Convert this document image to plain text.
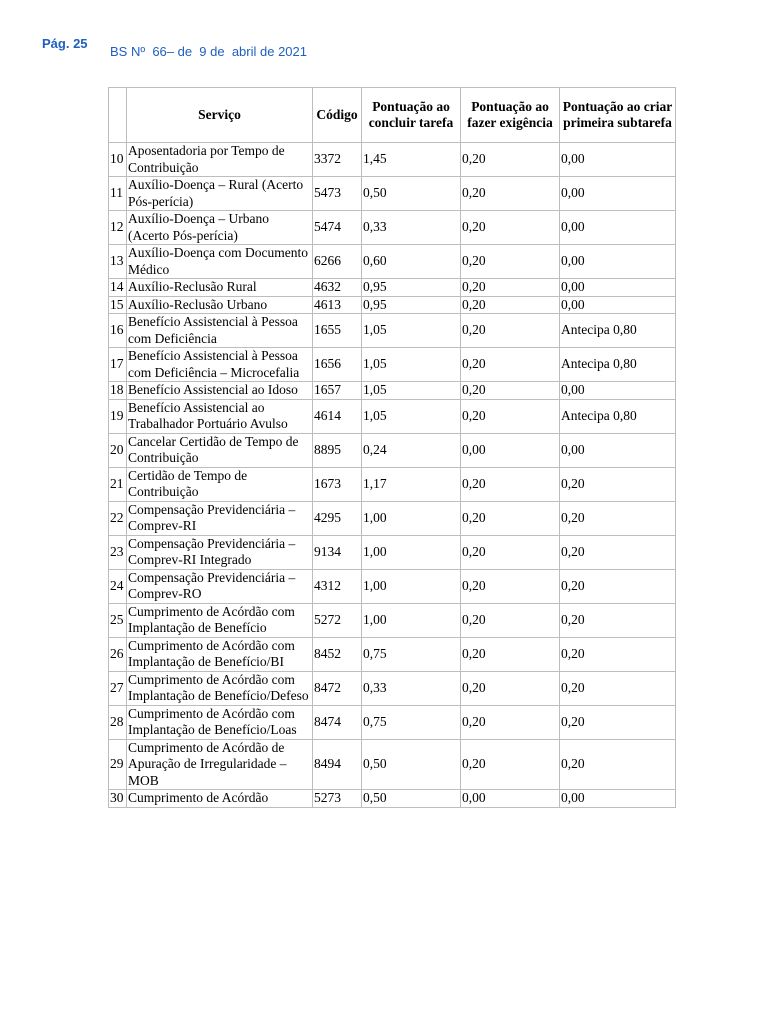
Pág. 25
BS Nº  66– de  9 de  abril de 2021
	Serviço	Código	Pontuação ao concluir tarefa	Pontuação ao fazer exigência	Pontuação ao criar primeira subtarefa
10	Aposentadoria por Tempo de Contribuição	3372	1,45	0,20	0,00
11	Auxílio-Doença – Rural (Acerto Pós-perícia)	5473	0,50	0,20	0,00
12	Auxílio-Doença – Urbano (Acerto Pós-perícia)	5474	0,33	0,20	0,00
13	Auxílio-Doença com Documento Médico	6266	0,60	0,20	0,00
14	Auxílio-Reclusão Rural	4632	0,95	0,20	0,00
15	Auxílio-Reclusão Urbano	4613	0,95	0,20	0,00
16	Benefício Assistencial à Pessoa com Deficiência	1655	1,05	0,20	Antecipa 0,80
17	Benefício Assistencial à Pessoa com Deficiência – Microcefalia	1656	1,05	0,20	Antecipa 0,80
18	Benefício Assistencial ao Idoso	1657	1,05	0,20	0,00
19	Benefício Assistencial ao Trabalhador Portuário Avulso	4614	1,05	0,20	Antecipa 0,80
20	Cancelar Certidão de Tempo de Contribuição	8895	0,24	0,00	0,00
21	Certidão de Tempo de Contribuição	1673	1,17	0,20	0,20
22	Compensação Previdenciária – Comprev-RI	4295	1,00	0,20	0,20
23	Compensação Previdenciária – Comprev-RI Integrado	9134	1,00	0,20	0,20
24	Compensação Previdenciária – Comprev-RO	4312	1,00	0,20	0,20
25	Cumprimento de Acórdão com Implantação de Benefício	5272	1,00	0,20	0,20
26	Cumprimento de Acórdão com Implantação de Benefício/BI	8452	0,75	0,20	0,20
27	Cumprimento de Acórdão com Implantação de Benefício/Defeso	8472	0,33	0,20	0,20
28	Cumprimento de Acórdão com Implantação de Benefício/Loas	8474	0,75	0,20	0,20
29	Cumprimento de Acórdão de Apuração de Irregularidade – MOB	8494	0,50	0,20	0,20
30	Cumprimento de Acórdão	5273	0,50	0,00	0,00
